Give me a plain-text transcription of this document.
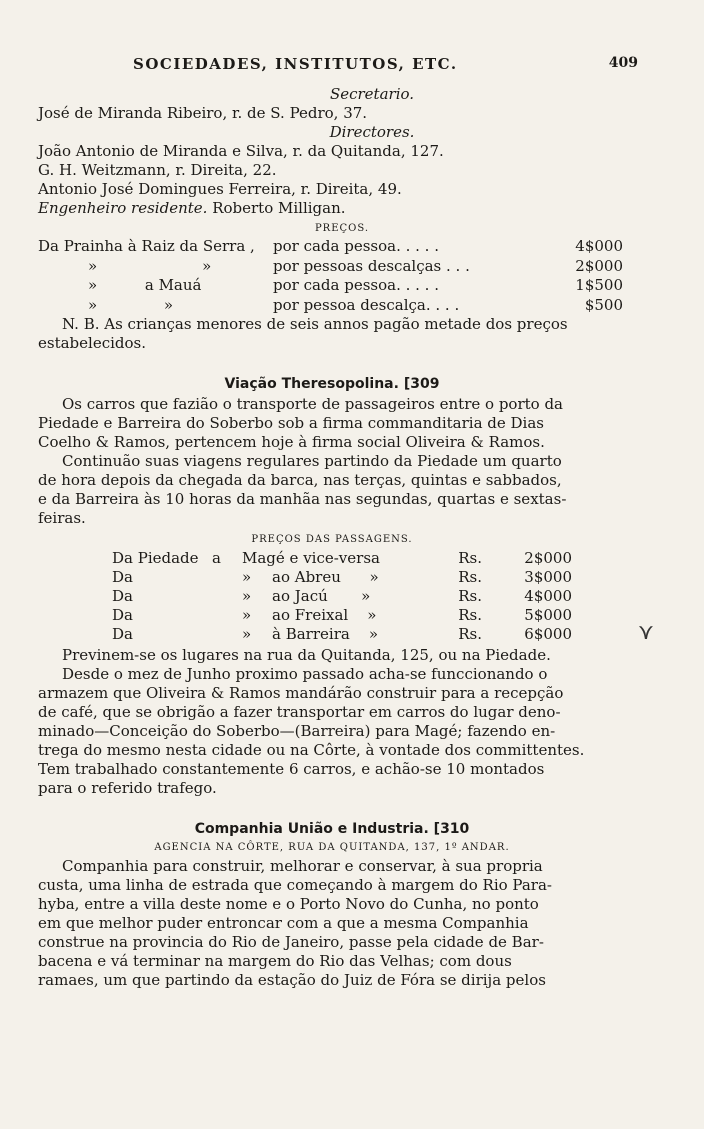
SOCIEDADES, INSTITUTOS, ETC.	409
Secretario.
José de Miranda Ribeiro, r. de S. Pedro, 37.
Directores.
João Antonio de Miranda e Silva, r. da Quitanda, 127.
G. H. Weitzmann, r. Direita, 22.
Antonio José Domingues Ferreira, r. Direita, 49.
Engenheiro residente. Roberto Milligan.
PREÇOS.
Da Prainha à Raiz da Serra ,	por cada pessoa. . . . .	4$000
»                      »	por pessoas descalças . . .	2$000
»          a Mauá	por cada pessoa. . . . .	1$500
»              »	por pessoa descalça. . . .	$500
N. B. As crianças menores de seis annos pagão metade dos preços
estabelecidos.
Viação Theresopolina. [309
Os carros que fazião o transporte de passageiros entre o porto da
Piedade e Barreira do Soberbo sob a firma commanditaria de Dias
Coelho & Ramos, pertencem hoje à firma social Oliveira & Ramos.
Continuão suas viagens regulares partindo da Piedade um quarto
de hora depois da chegada da barca, nas terças, quintas e sabbados,
e da Barreira às 10 horas da manhãa nas segundas, quartas e sextas-
feiras.
PREÇOS DAS PASSAGENS.
Da Piedade a	Magé e vice-versa	Rs.	2$000
Da	»	ao Abreu      »	Rs.	3$000
Da	»	ao Jacú       »	Rs.	4$000
Da	»	ao Freixal    »	Rs.	5$000
Da	»	à Barreira    »	Rs.	6$000
Previnem-se os lugares na rua da Quitanda, 125, ou na Piedade.
Desde o mez de Junho proximo passado acha-se funccionando o
armazem que Oliveira & Ramos mandárão construir para a recepção
de café, que se obrigão a fazer transportar em carros do lugar deno-
minado—Conceição do Soberbo—(Barreira) para Magé; fazendo en-
trega do mesmo nesta cidade ou na Côrte, à vontade dos committentes.
Tem trabalhado constantemente 6 carros, e achão-se 10 montados
para o referido trafego.
Companhia União e Industria. [310
AGENCIA NA CÔRTE, RUA DA QUITANDA, 137, 1º ANDAR.
Companhia para construir, melhorar e conservar, à sua propria
custa, uma linha de estrada que começando à margem do Rio Para-
hyba, entre a villa deste nome e o Porto Novo do Cunha, no ponto
em que melhor puder entroncar com a que a mesma Companhia
construe na provincia do Rio de Janeiro, passe pela cidade de Bar-
bacena e vá terminar na margem do Rio das Velhas; com dous
ramaes, um que partindo da estação do Juiz de Fóra se dirija pelos
⋎
